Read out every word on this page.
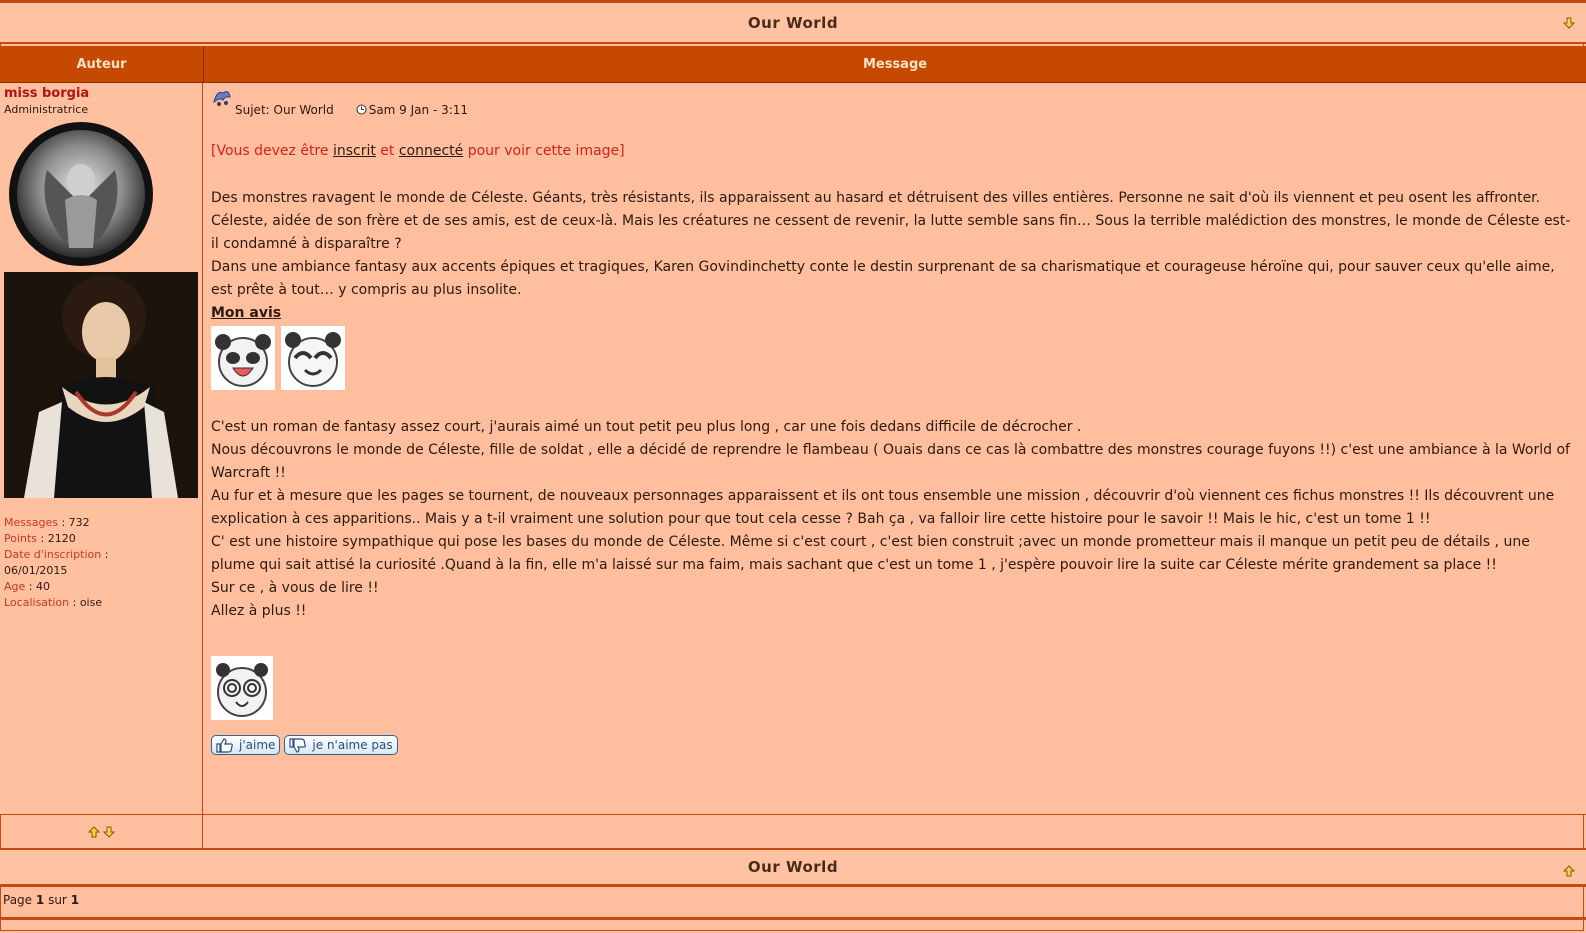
Our World
Auteur	Message
miss borgia
Administratrice
Messages : 732
Points : 2120
Date d'inscription :
06/01/2015
Age : 40
Localisation : oise
Sujet:
Our World	Sam 9 Jan - 3:11
[Vous devez être inscrit et connecté pour voir cette image]

Des monstres ravagent le monde de Céleste. Géants, très résistants, ils apparaissent au hasard et détruisent des villes entières. Personne ne sait d'où ils viennent et peu osent les affronter. Céleste, aidée de son frère et de ses amis, est de ceux-là. Mais les créatures ne cessent de revenir, la lutte semble sans fin… Sous la terrible malédiction des monstres, le monde de Céleste est-il condamné à disparaître ?

Dans une ambiance fantasy aux accents épiques et tragiques, Karen Govindinchetty conte le destin surprenant de sa charismatique et courageuse héroïne qui, pour sauver ceux qu'elle aime, est prête à tout… y compris au plus insolite.

Mon avis

C'est un roman de fantasy assez court, j'aurais aimé un tout petit peu plus long , car une fois dedans difficile de décrocher .

Nous découvrons le monde de Céleste, fille de soldat , elle a décidé de reprendre le flambeau ( Ouais dans ce cas là combattre des monstres courage fuyons !!) c'est une ambiance à la World of Warcraft !!

Au fur et à mesure que les pages se tournent, de nouveaux personnages apparaissent et ils ont tous ensemble une mission , découvrir d'où viennent ces fichus monstres !! Ils découvrent une explication à ces apparitions.. Mais y a t-il vraiment une solution pour que tout cela cesse ? Bah ça , va falloir lire cette histoire pour le savoir !! Mais le hic, c'est un tome 1 !!

C' est une histoire sympathique qui pose les bases du monde de Céleste. Même si c'est court , c'est bien construit ;avec un monde prometteur mais il manque un petit peu de détails , une plume qui sait attisé la curiosité .Quand à la fin, elle m'a laissé sur ma faim, mais sachant que c'est un tome 1 , j'espère pouvoir lire la suite car Céleste mérite grandement sa place !!

Sur ce , à vous de lire !!

Allez à plus !!

j'aime	je n'aime pas
Our World
Page 1 sur 1
